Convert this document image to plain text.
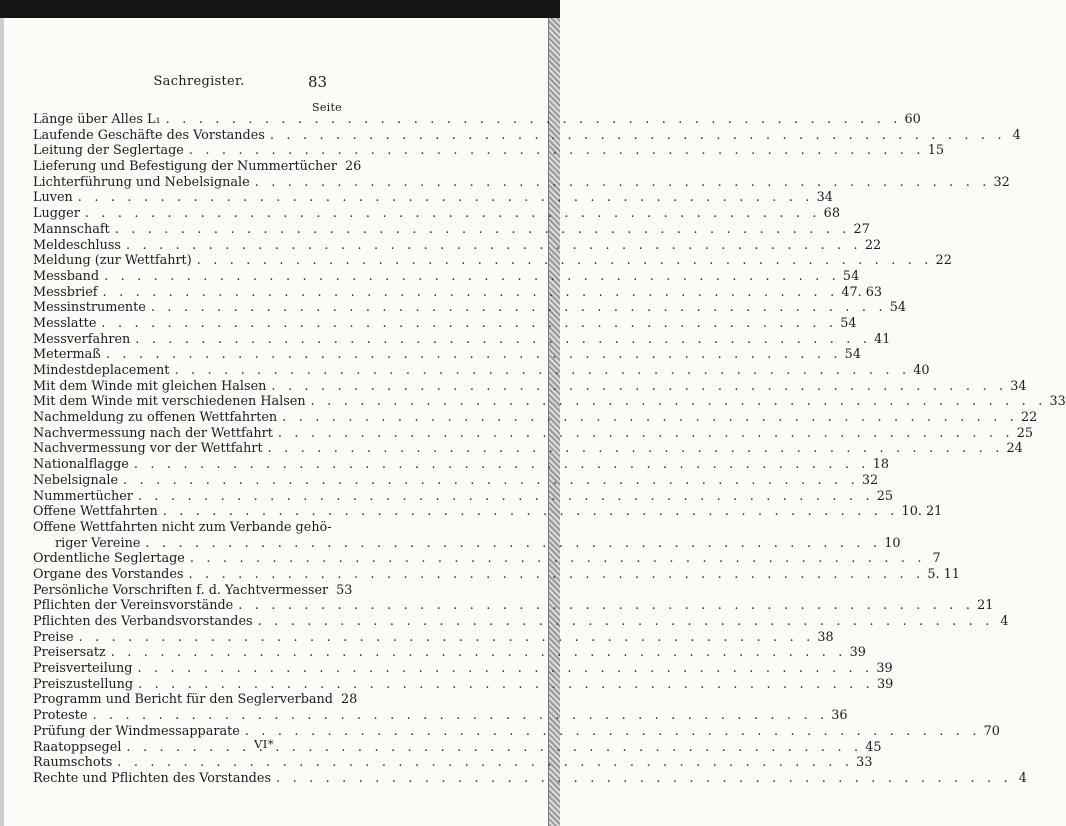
Sachregister.	83
Seite
Länge über Alles L₁ . . .	60
Laufende Geschäfte des Vorstandes . . .	4
Leitung der Seglertage . . .	15
Lieferung und Befestigung der Nummertücher 26
Lichterführung und Nebelsignale . . .	32
Luven . . .	34
Lugger . . .	68
Mannschaft . . .	27
Meldeschluss . . .	22
Meldung (zur Wettfahrt) . . .	22
Messband . . .	54
Messbrief . . .	47. 63
Messinstrumente . . .	54
Messlatte . . .	54
Messverfahren . . .	41
Metermaß . . .	54
Mindestdeplacement . . .	40
Mit dem Winde mit gleichen Halsen . . .	34
Mit dem Winde mit verschiedenen Halsen . . .	33
Nachmeldung zu offenen Wettfahrten . . .	22
Nachvermessung nach der Wettfahrt . . .	25
Nachvermessung vor der Wettfahrt . . .	24
Nationalflagge . . .	18
Nebelsignale . . .	32
Nummertücher . . .	25
Offene Wettfahrten . . .	10. 21
Offene Wettfahrten nicht zum Verbande gehö-
riger Vereine . . .	10
Ordentliche Seglertage . . .	7
Organe des Vorstandes . . .	5. 11
Persönliche Vorschriften f. d. Yachtvermesser 53
Pflichten der Vereinsvorstände . . .	21
Pflichten des Verbandsvorstandes . . .	4
Preise . . .	38
Preisersatz . . .	39
Preisverteilung . . .	39
Preiszustellung . . .	39
Programm und Bericht für den Seglerverband 28
Proteste . . .	36
Prüfung der Windmessapparate . . .	70
Raatoppsegel . . .	45
Raumschots . . .	33
Rechte und Pflichten des Vorstandes . . .	4
VI*
